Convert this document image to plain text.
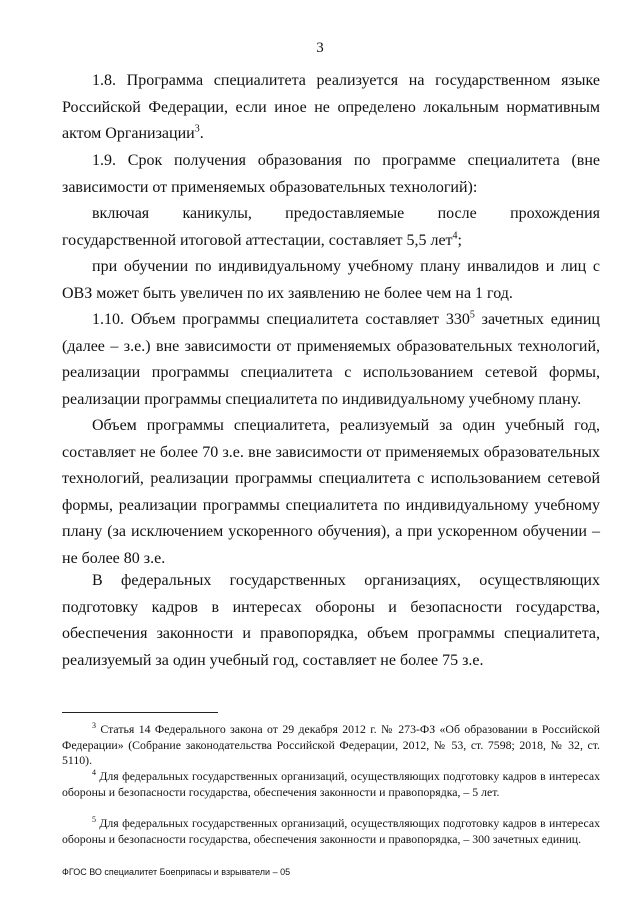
3
1.8. Программа специалитета реализуется на государственном языке Российской Федерации, если иное не определено локальным нормативным актом Организации$^3$.
1.9. Срок получения образования по программе специалитета (вне зависимости от применяемых образовательных технологий):
включая каникулы, предоставляемые после прохождения государственной итоговой аттестации, составляет 5,5 лет$^4$;
при обучении по индивидуальному учебному плану инвалидов и лиц с ОВЗ может быть увеличен по их заявлению не более чем на 1 год.
1.10. Объем программы специалитета составляет $330^5$ зачетных единиц (далее – з.е.) вне зависимости от применяемых образовательных технологий, реализации программы специалитета с использованием сетевой формы, реализации программы специалитета по индивидуальному учебному плану.
Объем программы специалитета, реализуемый за один учебный год, составляет не более 70 з.е. вне зависимости от применяемых образовательных технологий, реализации программы специалитета с использованием сетевой формы, реализации программы специалитета по индивидуальному учебному плану (за исключением ускоренного обучения), а при ускоренном обучении – не более 80 з.е.
В федеральных государственных организациях, осуществляющих подготовку кадров в интересах обороны и безопасности государства, обеспечения законности и правопорядка, объем программы специалитета, реализуемый за один учебный год, составляет не более 75 з.е.
$^3$ Статья 14 Федерального закона от 29 декабря 2012 г. № 273-ФЗ «Об образовании в Российской Федерации» (Собрание законодательства Российской Федерации, 2012, № 53, ст. 7598; 2018, № 32, ст. 5110).
$^4$ Для федеральных государственных организаций, осуществляющих подготовку кадров в интересах обороны и безопасности государства, обеспечения законности и правопорядка, – 5 лет.
$^5$ Для федеральных государственных организаций, осуществляющих подготовку кадров в интересах обороны и безопасности государства, обеспечения законности и правопорядка, – 300 зачетных единиц.
ФГОС ВО специалитет Боеприпасы и взрыватели – 05
